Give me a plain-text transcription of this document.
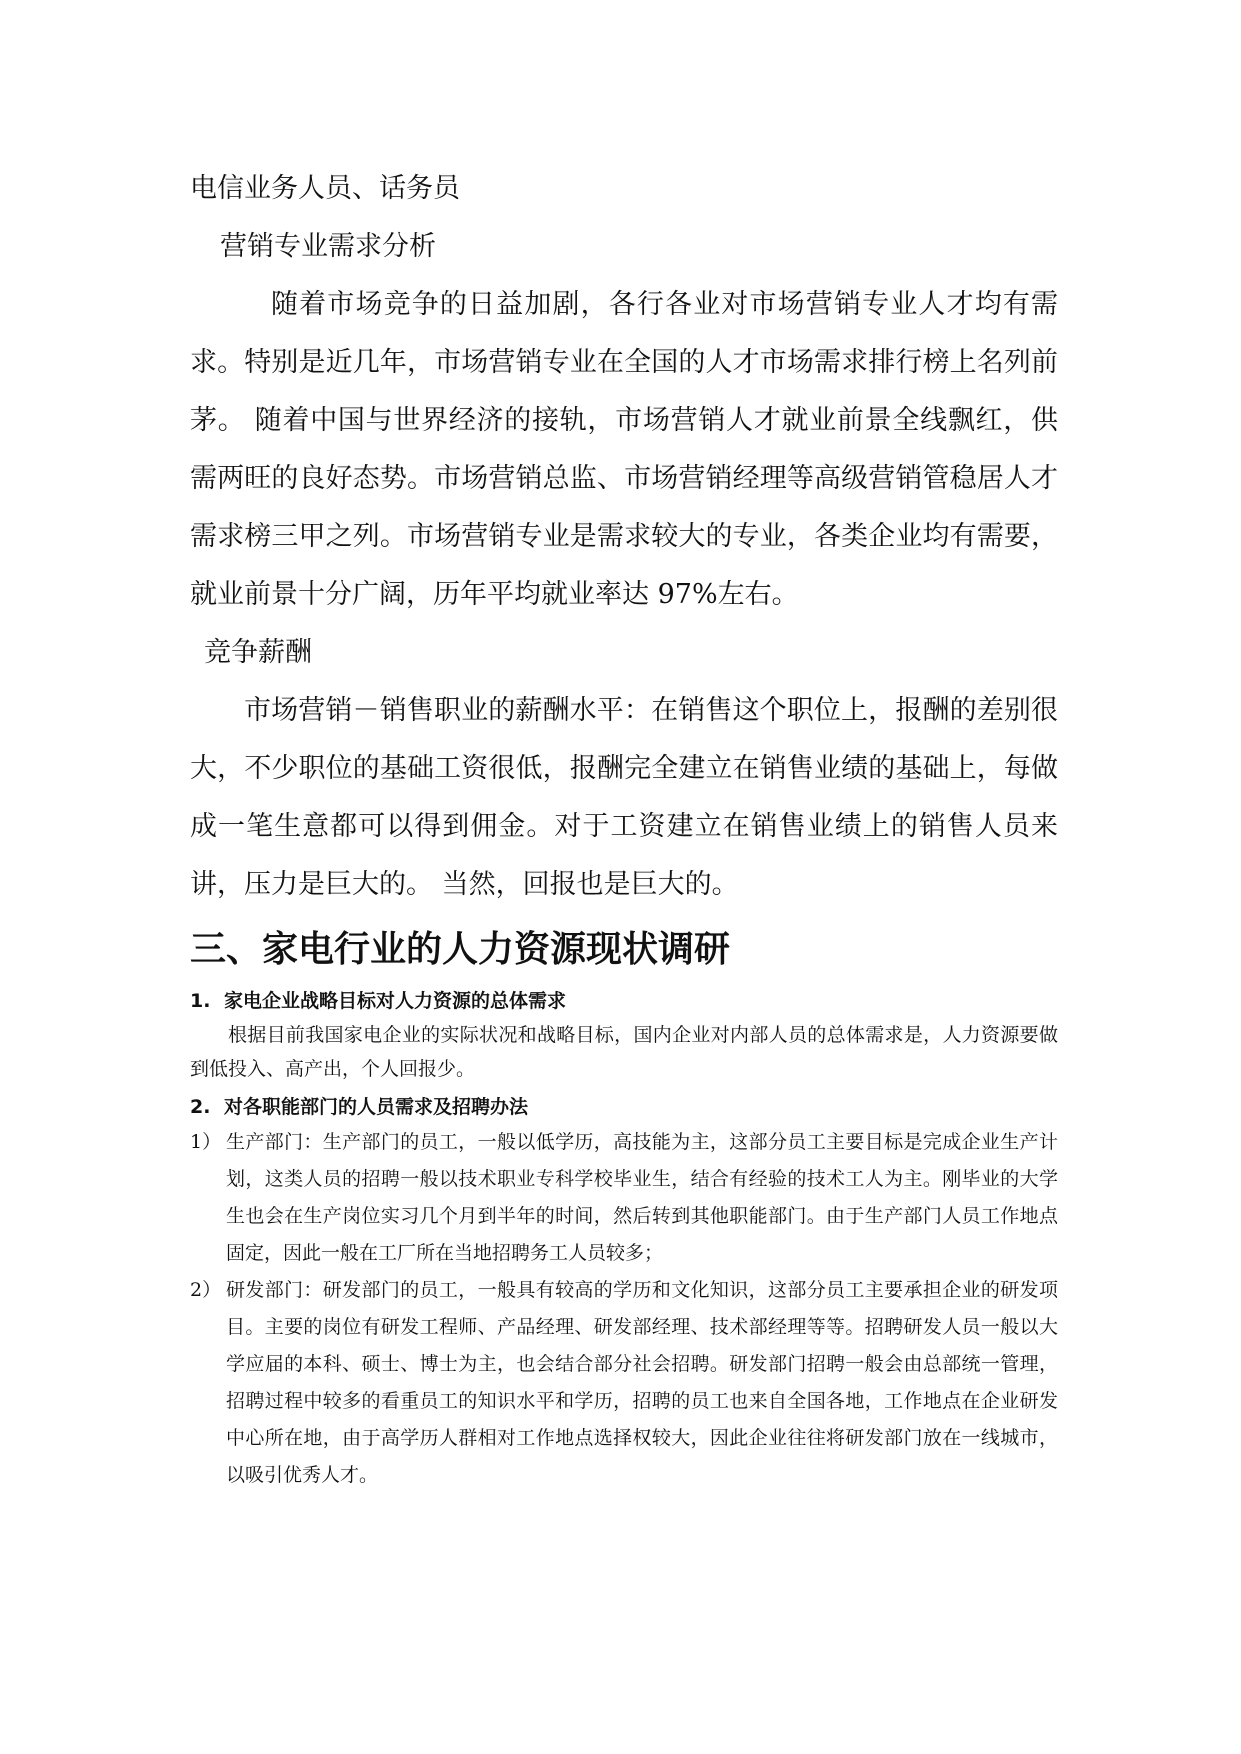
电信业务人员、话务员

营销专业需求分析

随着市场竞争的日益加剧，各行各业对市场营销专业人才均有需求。特别是近几年，市场营销专业在全国的人才市场需求排行榜上名列前茅。 随着中国与世界经济的接轨，市场营销人才就业前景全线飘红，供需两旺的良好态势。市场营销总监、市场营销经理等高级营销管稳居人才需求榜三甲之列。市场营销专业是需求较大的专业，各类企业均有需要，就业前景十分广阔，历年平均就业率达 97%左右。

竞争薪酬

市场营销－销售职业的薪酬水平：在销售这个职位上，报酬的差别很大，不少职位的基础工资很低，报酬完全建立在销售业绩的基础上，每做成一笔生意都可以得到佣金。对于工资建立在销售业绩上的销售人员来讲，压力是巨大的。 当然，回报也是巨大的。

三、家电行业的人力资源现状调研
1. 家电企业战略目标对人力资源的总体需求

根据目前我国家电企业的实际状况和战略目标，国内企业对内部人员的总体需求是，人力资源要做到低投入、高产出，个人回报少。

2. 对各职能部门的人员需求及招聘办法
1） 生产部门：生产部门的员工，一般以低学历，高技能为主，这部分员工主要目标是完成企业生产计划，这类人员的招聘一般以技术职业专科学校毕业生，结合有经验的技术工人为主。刚毕业的大学生也会在生产岗位实习几个月到半年的时间，然后转到其他职能部门。由于生产部门人员工作地点固定，因此一般在工厂所在当地招聘务工人员较多；
2） 研发部门：研发部门的员工，一般具有较高的学历和文化知识，这部分员工主要承担企业的研发项目。主要的岗位有研发工程师、产品经理、研发部经理、技术部经理等等。招聘研发人员一般以大学应届的本科、硕士、博士为主，也会结合部分社会招聘。研发部门招聘一般会由总部统一管理，招聘过程中较多的看重员工的知识水平和学历，招聘的员工也来自全国各地，工作地点在企业研发中心所在地，由于高学历人群相对工作地点选择权较大，因此企业往往将研发部门放在一线城市，以吸引优秀人才。
